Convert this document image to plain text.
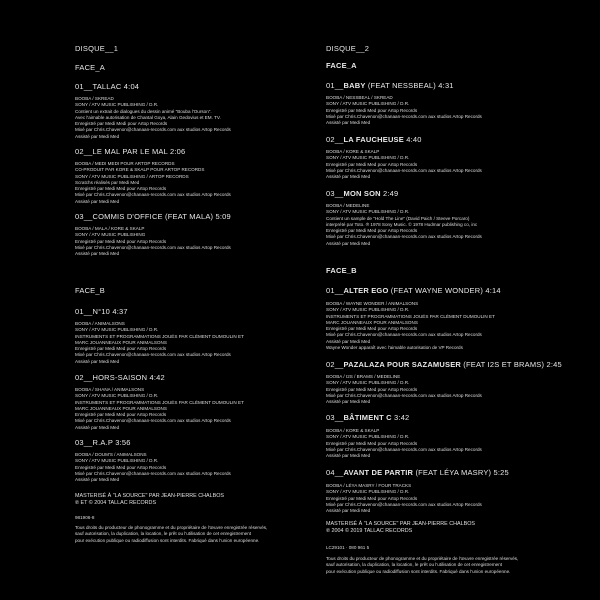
DISQUE__1
FACE_A
01__TALLAC 4:04
BOOBA / SKREAD
SONY / ATV MUSIC PUBLISHING / D.R.
Contient un extrait de dialogues du dessin animé "Bouba l'Ourson".
Avec l'aimable autorisation de Chantal Goya, Alain Gedovius et EM. TV.
Enregistré par Medi Medi pour Artop Records
Mixé par Chris.Chavenon@chanaan-records.com aux studios Artop Records
Assisté par Medi Med
02__LE MAL PAR LE MAL 2:06
BOOBA / MEDI MEDI POUR ARTOP RECORDS
CO-PRODUIT PAR KORE & SKALP POUR ARTOP RECORDS
SONY / ATV MUSIC PUBLISHING / ARTOP RECORDS
Scratchs réalisés par Medi Med
Enregistré par Medi Med pour Artop Records
Mixé par Chris.Chavenon@chanaan-records.com aux studios Artop Records
Assisté par Medi Med
03__COMMIS D'OFFICE (FEAT MALA) 5:09
BOOBA / MALA / KORE & SKALP
SONY / ATV MUSIC PUBLISHING
Enregistré par Medi Med pour Artop Records
Mixé par Chris.Chavenon@chanaan-records.com aux studios Artop Records
Assisté par Medi Med
FACE_B
01__N°10 4:37
BOOBA / ANIMALSONS
SONY / ATV MUSIC PUBLISHING / D.R.
INSTRUMENTS ET PROGRAMMATIONS JOUÉS PAR CLÉMENT DUMOULIN ET
MARC JOUANNEAUX POUR ANIMALSONS
Enregistré par Medi Med pour Artop Records
Mixé par Chris.Chavenon@chanaan-records.com aux studios Artop Records
Assisté par Medi Med
02__HORS-SAISON 4:42
BOOBA / SHANA / ANIMALSONS
SONY / ATV MUSIC PUBLISHING / D.R.
INSTRUMENTS ET PROGRAMMATIONS JOUÉS PAR CLÉMENT DUMOULIN ET
MARC JOUANNEAUX POUR ANIMALSONS
Enregistré par Medi Med pour Artop Records
Mixé par Chris.Chavenon@chanaan-records.com aux studios Artop Records
Assisté par Medi Med
03__R.A.P 3:56
BOOBA / DOUM'S / ANIMALSONS
SONY / ATV MUSIC PUBLISHING / D.R.
Enregistré par Medi Med pour Artop Records
Mixé par Chris.Chavenon@chanaan-records.com aux studios Artop Records
Assisté par Medi Med
MASTERISÉ À "LA SOURCE" PAR JEAN-PIERRE CHALBOS
℗ ET © 2004 TALLAC RECORDS
981906-8
Tous droits du producteur de phonogramme et du propriétaire de l'œuvre enregistrée réservés,
sauf autorisation, la duplication, la location, le prêt ou l'utilisation de cet enregistrement
pour exécution publique ou radiodiffusion sont interdits. Fabriqué dans l'union européenne.
DISQUE__2
FACE_A
01__BABY (FEAT NESSBEAL) 4:31
BOOBA / NESSBEAL / SKREAD
SONY / ATV MUSIC PUBLISHING / D.R.
Enregistré par Medi Med pour Artop Records
Mixé par Chris.Chavenon@chanaan-records.com aux studios Artop Records
Assisté par Medi Med
02__LA FAUCHEUSE 4:40
BOOBA / KORE & SKALP
SONY / ATV MUSIC PUBLISHING / D.R.
Enregistré par Medi Med pour Artop Records
Mixé par Chris.Chavenon@chanaan-records.com aux studios Artop Records
Assisté par Medi Med
03__MON SON 2:49
BOOBA / MEDELINE
SONY / ATV MUSIC PUBLISHING / D.R.
Contient un sample de "Hold The Line" (David Paich / Steeve Porcaro)
interprété par Toto. ℗ 1978 Sony Music. © 1978 Hudmar publishing co, inc
Enregistré par Medi Med pour Artop Records
Mixé par Chris.Chavenon@chanaan-records.com aux studios Artop Records
Assisté par Medi Med
FACE_B
01__ALTER EGO (FEAT WAYNE WONDER) 4:14
BOOBA / WAYNE WONDER / ANIMALSONS
SONY / ATV MUSIC PUBLISHING / D.R.
INSTRUMENTS ET PROGRAMMATIONS JOUÉS PAR CLÉMENT DUMOULIN ET
MARC JOUANNEAUX POUR ANIMALSONS
Enregistré par Medi Med pour Artop Records
Mixé par Chris.Chavenon@chanaan-records.com aux studios Artop Records
Assisté par Medi Med
Wayne Wonder apparaît avec l'aimable autorisation de VP Records
02__PAZALAZA POUR SAZAMUSER (FEAT I2S ET BRAMS) 2:45
BOOBA / I2S / BRAMS / MEDELINE
SONY / ATV MUSIC PUBLISHING / D.R.
Enregistré par Medi Med pour Artop Records
Mixé par Chris.Chavenon@chanaan-records.com aux studios Artop Records
Assisté par Medi Med
03__BÂTIMENT C 3:42
BOOBA / KORE & SKALP
SONY / ATV MUSIC PUBLISHING / D.R.
Enregistré par Medi Med pour Artop Records
Mixé par Chris.Chavenon@chanaan-records.com aux studios Artop Records
Assisté par Medi Med
04__AVANT DE PARTIR (FEAT LÉYA MASRY) 5:25
BOOBA / LÉYA MASRY / FOUR TRACKS
SONY / ATV MUSIC PUBLISHING / D.R.
Enregistré par Medi Med pour Artop Records
Mixé par Chris.Chavenon@chanaan-records.com aux studios Artop Records
Assisté par Medi Med
MASTERISÉ À "LA SOURCE" PAR JEAN-PIERRE CHALBOS
℗ 2004 © 2019 TALLAC RECORDS
LC29101 · 080 961 5
Tous droits du producteur de phonogramme et du propriétaire de l'œuvre enregistrée réservés,
sauf autorisation, la duplication, la location, le prêt ou l'utilisation de cet enregistrement
pour exécution publique ou radiodiffusion sont interdits. Fabriqué dans l'union européenne.
